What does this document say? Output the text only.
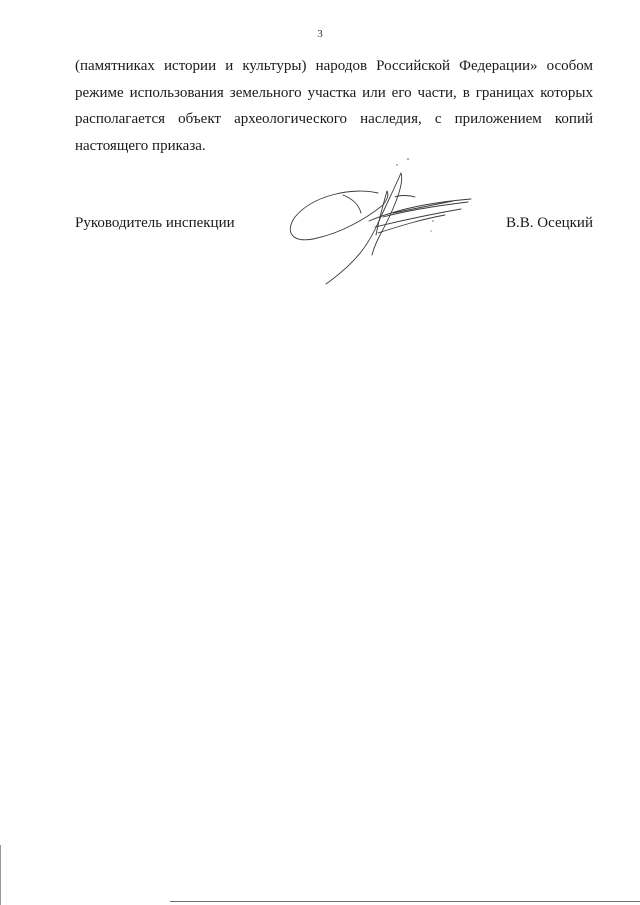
3
(памятниках истории и культуры) народов Российской Федерации» особом
режиме использования земельного участка или его части, в границах которых
располагается объект археологического наследия, с приложением копий
настоящего приказа.
Руководитель инспекции	В.В. Осецкий
